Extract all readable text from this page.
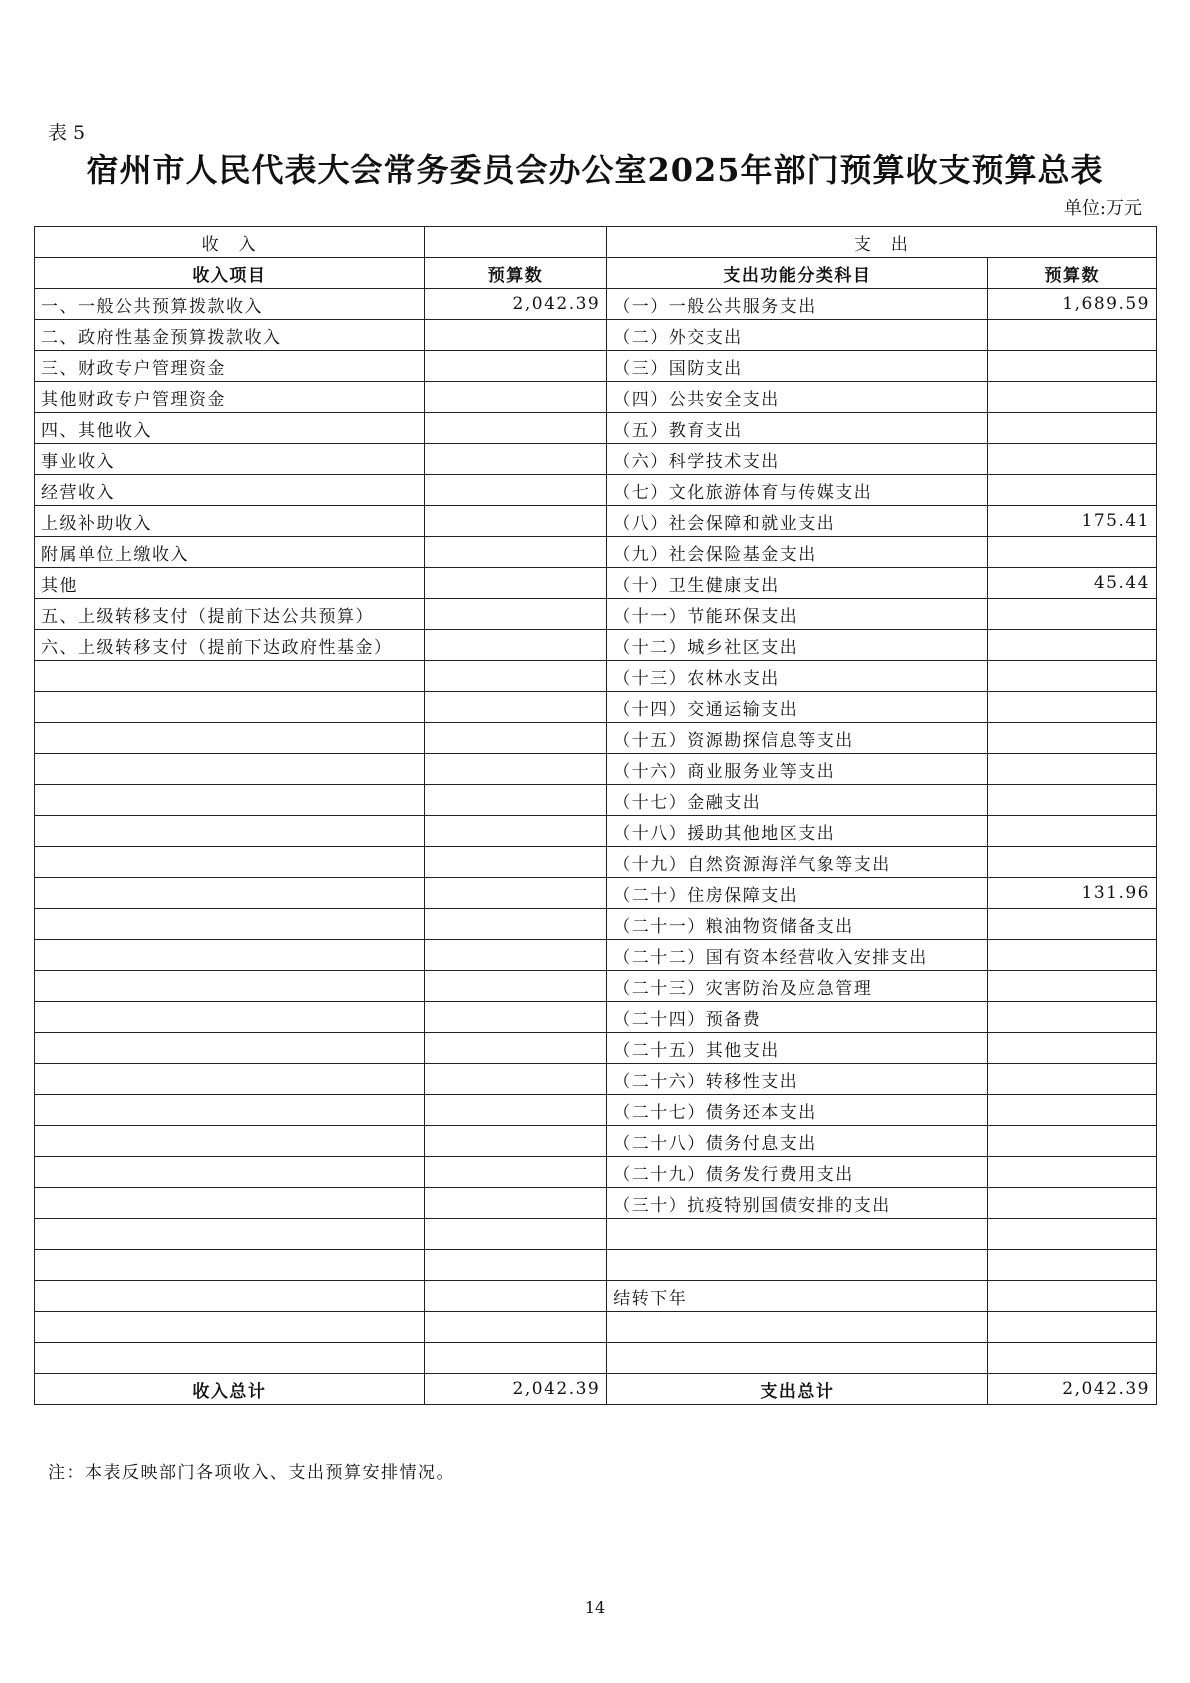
表 5
宿州市人民代表大会常务委员会办公室2025年部门预算收支预算总表
单位:万元
收　入		支　出	
收入项目	预算数	支出功能分类科目	预算数
一、一般公共预算拨款收入	2,042.39	（一）一般公共服务支出	1,689.59
二、政府性基金预算拨款收入		（二）外交支出	
三、财政专户管理资金		（三）国防支出	
其他财政专户管理资金		（四）公共安全支出	
四、其他收入		（五）教育支出	
事业收入		（六）科学技术支出	
经营收入		（七）文化旅游体育与传媒支出	
上级补助收入		（八）社会保障和就业支出	175.41
附属单位上缴收入		（九）社会保险基金支出	
其他		（十）卫生健康支出	45.44
五、上级转移支付（提前下达公共预算）		（十一）节能环保支出	
六、上级转移支付（提前下达政府性基金）		（十二）城乡社区支出	
		（十三）农林水支出	
		（十四）交通运输支出	
		（十五）资源勘探信息等支出	
		（十六）商业服务业等支出	
		（十七）金融支出	
		（十八）援助其他地区支出	
		（十九）自然资源海洋气象等支出	
		（二十）住房保障支出	131.96
		（二十一）粮油物资储备支出	
		（二十二）国有资本经营收入安排支出	
		（二十三）灾害防治及应急管理	
		（二十四）预备费	
		（二十五）其他支出	
		（二十六）转移性支出	
		（二十七）债务还本支出	
		（二十八）债务付息支出	
		（二十九）债务发行费用支出	
		（三十）抗疫特别国债安排的支出	

		结转下年	

收入总计	2,042.39	支出总计	2,042.39
注：本表反映部门各项收入、支出预算安排情况。
14
